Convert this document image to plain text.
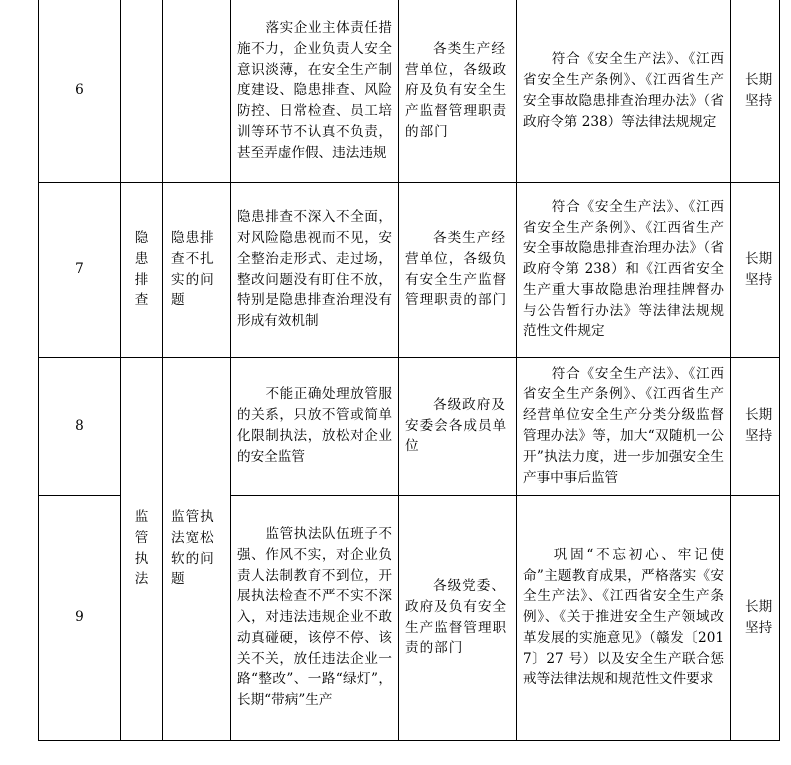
6			落实企业主体责任措施不力，企业负责人安全意识淡薄，在安全生产制度建设、隐患排查、风险防控、日常检查、员工培训等环节不认真不负责，甚至弄虚作假、违法违规	各类生产经营单位，各级政府及负有安全生产监督管理职责的部门	符合《安全生产法》、《江西省安全生产条例》、《江西省生产安全事故隐患排查治理办法》（省政府令第 238）等法律法规规定	长期坚持
7	隐患排查	隐患排查不扎实的问题	隐患排查不深入不全面，对风险隐患视而不见，安全整治走形式、走过场，整改问题没有盯住不放，特别是隐患排查治理没有形成有效机制	各类生产经营单位，各级负有安全生产监督管理职责的部门	符合《安全生产法》、《江西省安全生产条例》、《江西省生产安全事故隐患排查治理办法》（省政府令第 238）和《江西省安全生产重大事故隐患治理挂牌督办与公告暂行办法》等法律法规规范性文件规定	长期坚持
8	监管执法	监管执法宽松软的问题	不能正确处理放管服的关系，只放不管或简单化限制执法，放松对企业的安全监管	各级政府及安委会各成员单位	符合《安全生产法》、《江西省安全生产条例》、《江西省生产经营单位安全生产分类分级监督管理办法》等，加大“双随机一公开”执法力度，进一步加强安全生产事中事后监管	长期坚持
9			监管执法队伍班子不强、作风不实，对企业负责人法制教育不到位，开展执法检查不严不实不深入，对违法违规企业不敢动真碰硬，该停不停、该关不关，放任违法企业一路“整改”、一路“绿灯”，长期“带病”生产	各级党委、政府及负有安全生产监督管理职责的部门	巩固“不忘初心、牢记使命”主题教育成果，严格落实《安全生产法》、《江西省安全生产条例》、《关于推进安全生产领域改革发展的实施意见》（赣发〔2017〕27 号）以及安全生产联合惩戒等法律法规和规范性文件要求	长期坚持
